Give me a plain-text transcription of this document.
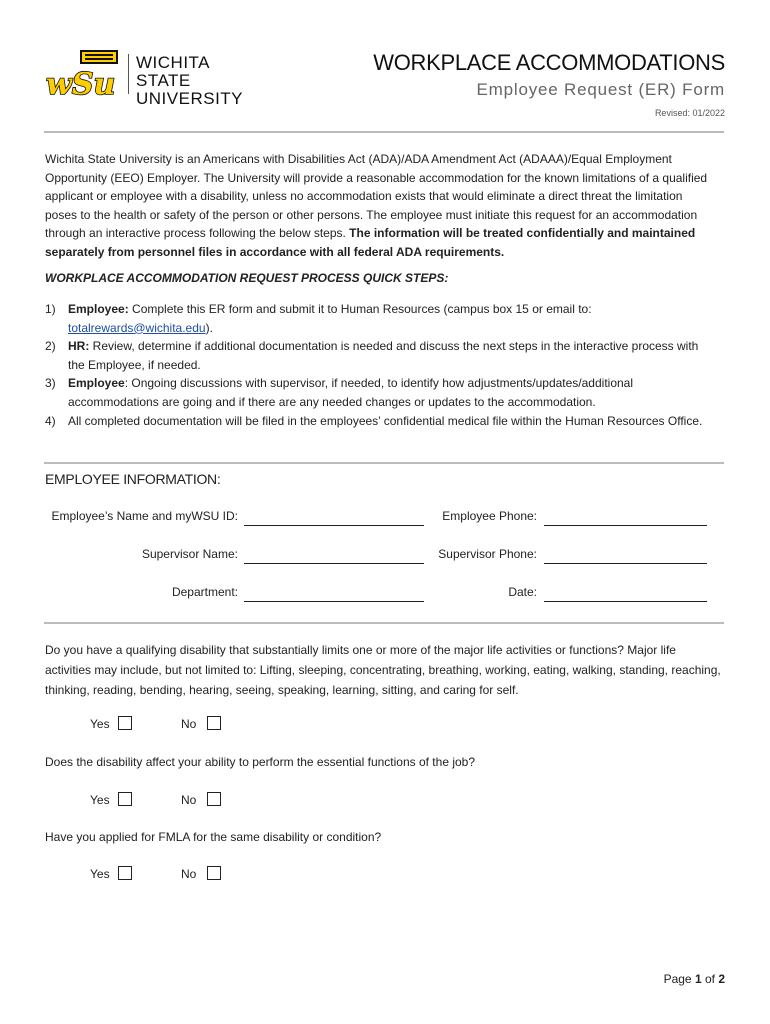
wSu
WICHITA STATE
UNIVERSITY
WORKPLACE ACCOMMODATIONS
Employee Request (ER) Form
Revised: 01/2022
Wichita State University is an Americans with Disabilities Act (ADA)/ADA Amendment Act (ADAAA)/Equal Employment Opportunity (EEO) Employer. The University will provide a reasonable accommodation for the known limitations of a qualified applicant or employee with a disability, unless no accommodation exists that would eliminate a direct threat the limitation poses to the health or safety of the person or other persons. The employee must initiate this request for an accommodation through an interactive process following the below steps. The information will be treated confidentially and maintained separately from personnel files in accordance with all federal ADA requirements.
WORKPLACE ACCOMMODATION REQUEST PROCESS QUICK STEPS:
1) Employee: Complete this ER form and submit it to Human Resources (campus box 15 or email to: totalrewards@wichita.edu).
2) HR: Review, determine if additional documentation is needed and discuss the next steps in the interactive process with the Employee, if needed.
3) Employee: Ongoing discussions with supervisor, if needed, to identify how adjustments/updates/additional accommodations are going and if there are any needed changes or updates to the accommodation.
4) All completed documentation will be filed in the employees’ confidential medical file within the Human Resources Office.
EMPLOYEE INFORMATION:
Employee’s Name and myWSU ID:	Employee Phone:
Supervisor Name:	Supervisor Phone:
Department:	Date:
Do you have a qualifying disability that substantially limits one or more of the major life activities or functions? Major life activities may include, but not limited to: Lifting, sleeping, concentrating, breathing, working, eating, walking, standing, reaching, thinking, reading, bending, hearing, seeing, speaking, learning, sitting, and caring for self.
Yes	No
Does the disability affect your ability to perform the essential functions of the job?
Yes	No
Have you applied for FMLA for the same disability or condition?
Yes	No
Page 1 of 2
